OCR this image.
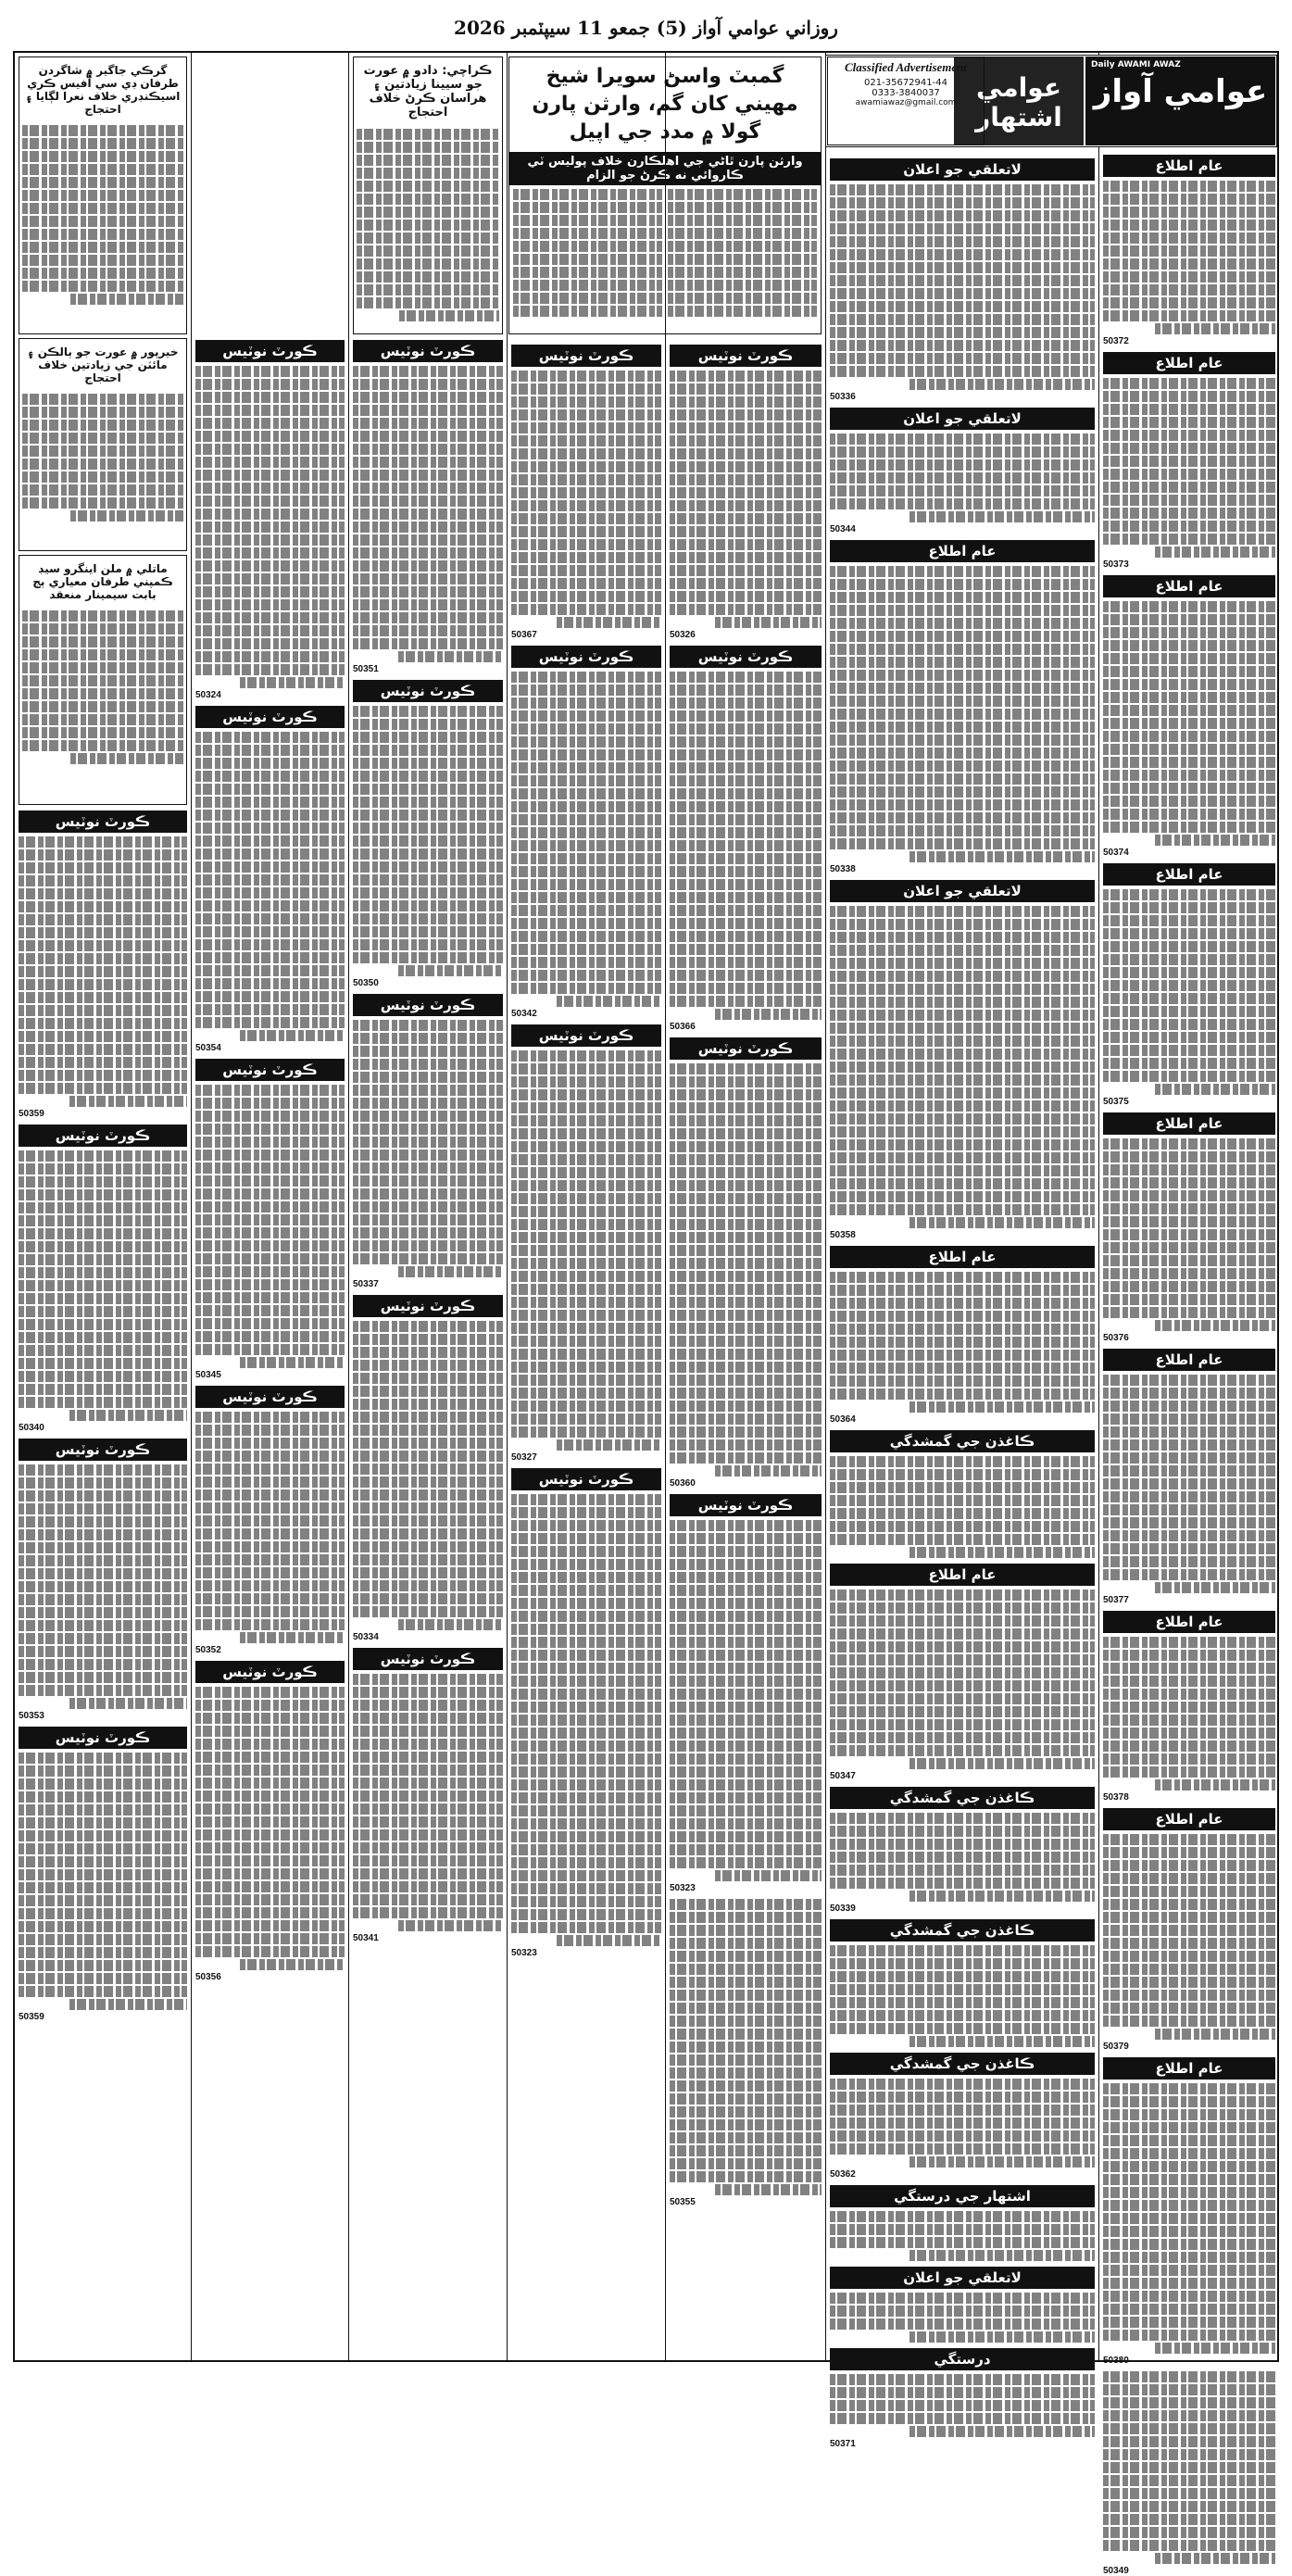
روزاني عوامي آواز (5) جمعو 11 سيپٽمبر 2026
عام اطلاع
50372
عام اطلاع
50373
عام اطلاع
50374
عام اطلاع
50375
عام اطلاع
50376
عام اطلاع
50377
عام اطلاع
50378
عام اطلاع
50379
عام اطلاع
50380
50349
Daily AWAMI AWAZ
عوامي آواز
عوامي اشتهار
Classified Advertisement
021-35672941-44
0333-3840037
awamiawaz@gmail.com
لاتعلقي جو اعلان
50336
لاتعلقي جو اعلان
50344
عام اطلاع
50338
لاتعلقي جو اعلان
50358
عام اطلاع
50364
ڪاغذن جي گمشدگي
عام اطلاع
50347
ڪاغذن جي گمشدگي
50339
ڪاغذن جي گمشدگي
ڪاغذن جي گمشدگي
50362
اشتهار جي درستگي
لاتعلقي جو اعلان
درستگي
50371
گمبٽ واسڻ سويرا شيخ مهيني کان گم، وارثن پارن گولا ۾ مدد جي اپيل
وارثن پارن ٿاڻي جي اهلڪارن خلاف پوليس ٽي ڪاروائي نه ڪرڻ جو الزام
ڪورٽ نوٽيس
50326
ڪورٽ نوٽيس
50366
ڪورٽ نوٽيس
50360
ڪورٽ نوٽيس
50323
50355
ڪورٽ نوٽيس
50367
ڪورٽ نوٽيس
50342
ڪورٽ نوٽيس
50327
ڪورٽ نوٽيس
50323
ڪراچي: دادو ۾ عورت جو سيينا زيادتين ۽ هراسان ڪرڻ خلاف احتجاج
ڪورٽ نوٽيس
50351
ڪورٽ نوٽيس
50350
ڪورٽ نوٽيس
50337
ڪورٽ نوٽيس
50334
ڪورٽ نوٽيس
50341
ڪورٽ نوٽيس
50324
ڪورٽ نوٽيس
50354
ڪورٽ نوٽيس
50345
ڪورٽ نوٽيس
50352
ڪورٽ نوٽيس
50356
گرڪي جاگير ۾ شاگردن طرفان ڊي سي آفيس ڪري اسيڪنڊري خلاف نعرا لڳايا ۽ احتجاج
خيرپور ۾ عورت جو ٻالڪن ۽ مائٽن جي زيادتين خلاف احتجاج
ماتلي ۾ ملن اينگرو سيڊ ڪمپني طرفان معياري ٻج بابت سيمينار منعقد
ڪورٽ نوٽيس
50359
ڪورٽ نوٽيس
50340
ڪورٽ نوٽيس
50353
ڪورٽ نوٽيس
50359
